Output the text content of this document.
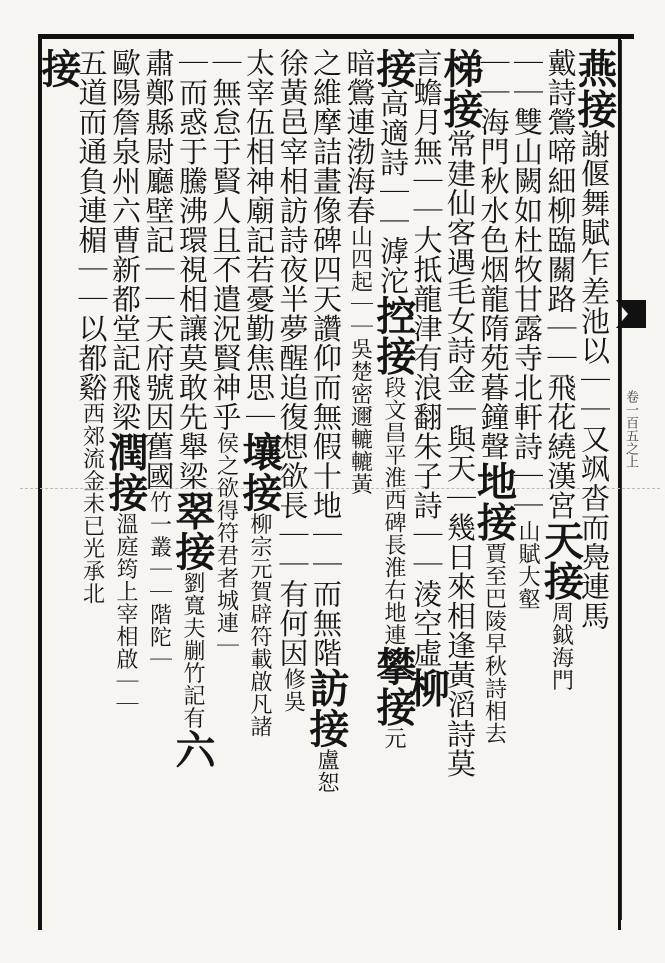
卷一百五之上
燕接謝偃舞賦乍差池以｜｜又飒沓而鳧連馬
戴詩鶯啼細柳臨關路｜｜飛花繞漢宮天接周鉞海門
｜｜雙山闕如杜牧甘露寺北軒詩｜｜山賦大壑
｜｜海門秋水色烟龍隋苑暮鐘聲地接賈至巴陵早秋詩相去
梯接常建仙客遇毛女詩金｜與天｜幾日來相逢黃滔詩莫
言蟾月無｜｜大抵龍津有浪翻朱子詩｜｜淩空虛柳
接高適詩｜｜滹沱控接段文昌平淮西碑長淮右地連攀接元
暗鶯連渤海春山四起｜｜吳楚密邇轆轆黃
之維摩詰畫像碑四天讚仰而無假十地｜｜而無階訪接盧恕
徐黃邑宰相訪詩夜半夢醒追復想欲長｜｜有何因修吳
太宰伍相神廟記若憂勤焦思｜壤接柳宗元賀辟符載啟凡諸
｜無怠于賢人且不遣況賢神乎侯之欲得符君者城連｜
｜而惑于騰沸環視相讓莫敢先舉梁翠接劉寬夫剻竹記有六
肅鄭縣尉廳壁記｜｜天府號因舊國竹一叢｜｜階陀｜
歐陽詹泉州六曹新都堂記飛梁潤接溫庭筠上宰相啟｜｜
五道而通負連楣｜｜以都谿西郊流金未已光承北
接
